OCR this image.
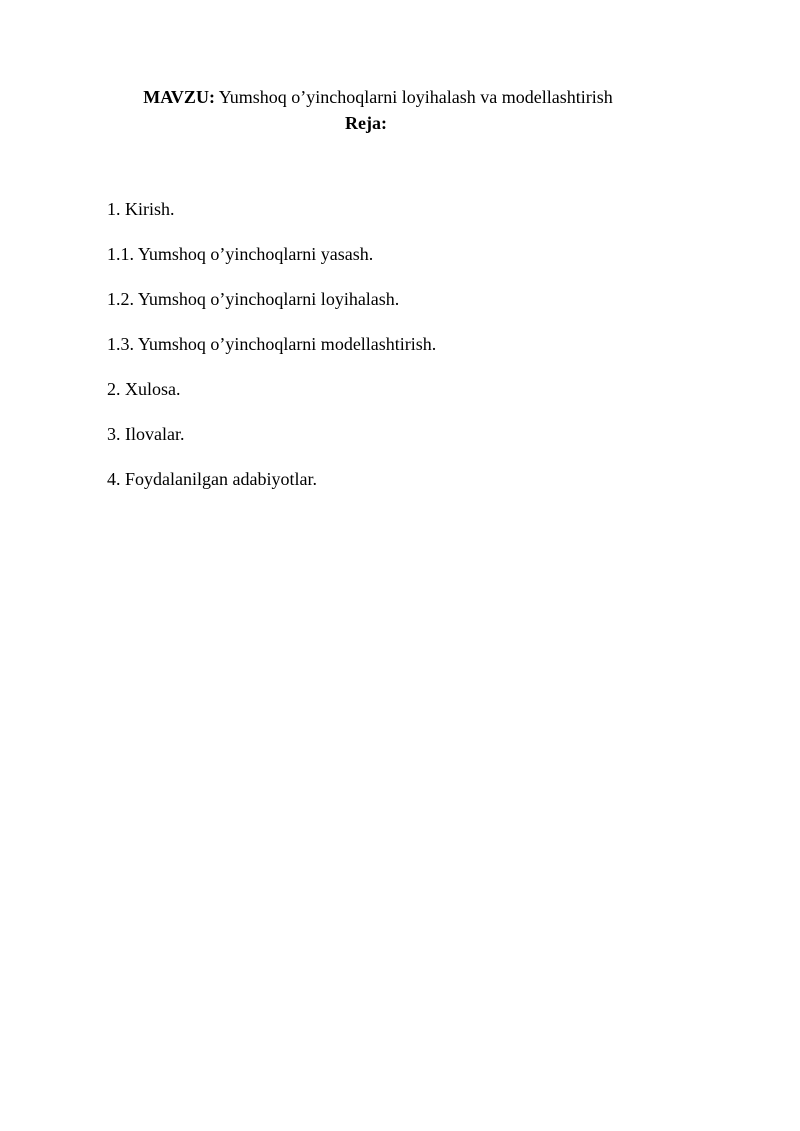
MAVZU: Yumshoq o’yinchoqlarni loyihalash va modellashtirish
Reja:
1. Kirish.
1.1. Yumshoq o’yinchoqlarni yasash.
1.2. Yumshoq o’yinchoqlarni loyihalash.
1.3. Yumshoq o’yinchoqlarni modellashtirish.
2. Xulosa.
3. Ilovalar.
4. Foydalanilgan adabiyotlar.
